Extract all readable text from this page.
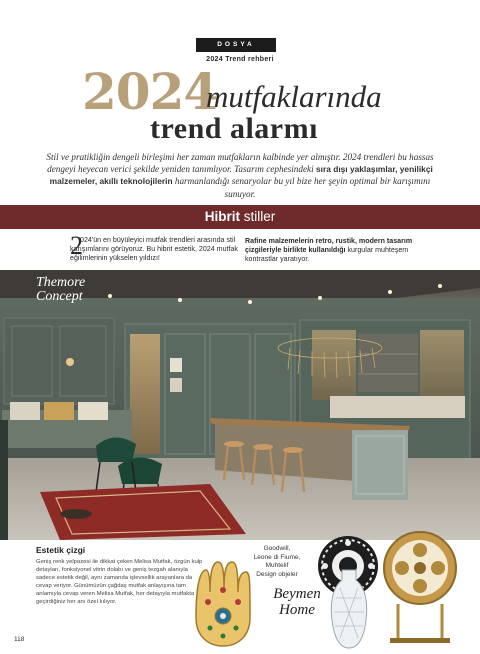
DOSYA
2024 Trend rehberi
2024
mutfaklarında
trend alarmı
Stil ve pratikliğin dengeli birleşimi her zaman mutfakların kalbinde yer almıştır. 2024 trendleri bu hassas dengeyi heyecan verici şekilde yeniden tanımlıyor. Tasarım cephesindeki sıra dışı yaklaşımlar, yenilikçi malzemeler, akıllı teknolojilerin harmanlandığı senaryolar bu yıl bize her şeyin optimal bir karışımını sunuyor.
Hibrit stiller
2
024'ün en büyüleyici mutfak trendleri arasında stil karışımlarını görüyoruz. Bu hibrit estetik, 2024 mutfak eğilimlerinin yükselen yıldızı!
Rafine malzemelerin retro, rustik, modern tasarım çizgileriyle birlikte kullanıldığı kurgular muhteşem kontrastlar yaratıyor.
Themore
Concept
Estetik çizgi
Geniş renk yelpazesi ile dikkat çeken Melisa Mutfak, özgün kulp detayları, fonksiyonel vitrin dolabı ve geniş tezgah alanıyla sadece estetik değil, aynı zamanda işlevsellik arayanlara da cevap veriyor. Günümüzün çağdaş mutfak anlayışına tam anlamıyla cevap veren Melisa Mutfak, her detayıyla mutfakta geçirdiğiniz her anı özel kılıyor.
Goodwill,
Leone di Fiume,
Muhtelif
Design objeler
Beymen
Home
118
